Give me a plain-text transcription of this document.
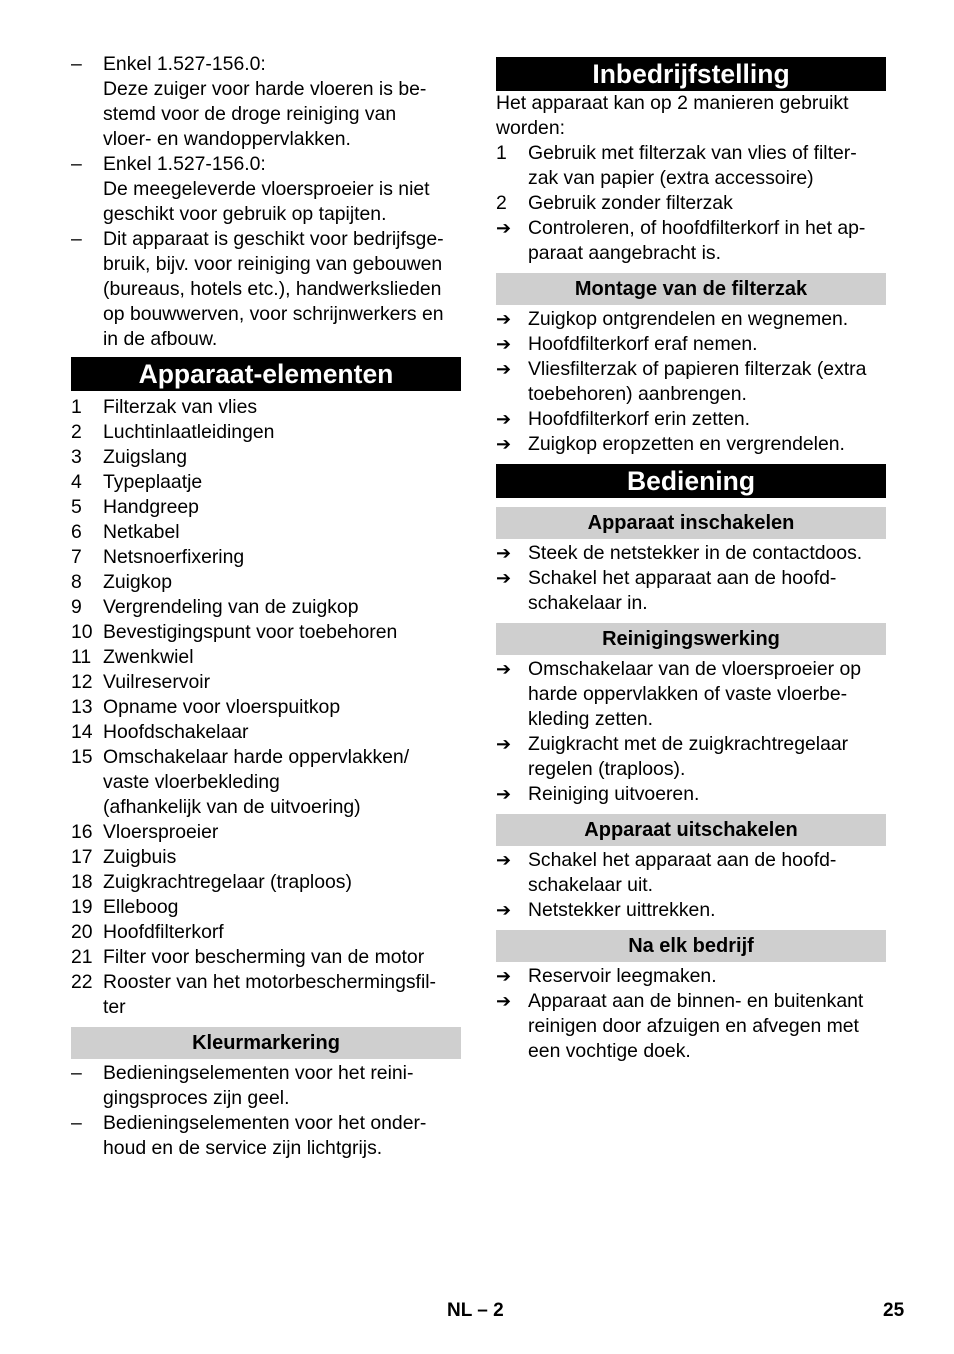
–	Enkel 1.527-156.0:
Deze zuiger voor harde vloeren is be-
stemd voor de droge reiniging van
vloer- en wandoppervlakken.
–	Enkel 1.527-156.0:
De meegeleverde vloersproeier is niet
geschikt voor gebruik op tapijten.
–	Dit apparaat is geschikt voor bedrijfsge-
bruik, bijv. voor reiniging van gebouwen
(bureaus, hotels etc.), handwerkslieden
op bouwwerven, voor schrijnwerkers en
in de afbouw.
Apparaat-elementen
1	Filterzak van vlies
2	Luchtinlaatleidingen
3	Zuigslang
4	Typeplaatje
5	Handgreep
6	Netkabel
7	Netsnoerfixering
8	Zuigkop
9	Vergrendeling van de zuigkop
10 Bevestigingspunt voor toebehoren
11 Zwenkwiel
12 Vuilreservoir
13 Opname voor vloerspuitkop
14 Hoofdschakelaar
15 Omschakelaar harde oppervlakken/
vaste vloerbekleding
(afhankelijk van de uitvoering)
16 Vloersproeier
17 Zuigbuis
18 Zuigkrachtregelaar (traploos)
19 Elleboog
20 Hoofdfilterkorf
21 Filter voor bescherming van de motor
22 Rooster van het motorbeschermingsfil-
ter
Kleurmarkering
–	Bedieningselementen voor het reini-
gingsproces zijn geel.
–	Bedieningselementen voor het onder-
houd en de service zijn lichtgrijs.
Inbedrijfstelling
Het apparaat kan op 2 manieren gebruikt
worden:
1	Gebruik met filterzak van vlies of filter-
zak van papier (extra accessoire)
2	Gebruik zonder filterzak
➔ Controleren, of hoofdfilterkorf in het ap-
paraat aangebracht is.
Montage van de filterzak
➔ Zuigkop ontgrendelen en wegnemen.
➔ Hoofdfilterkorf eraf nemen.
➔ Vliesfilterzak of papieren filterzak (extra
toebehoren) aanbrengen.
➔ Hoofdfilterkorf erin zetten.
➔ Zuigkop eropzetten en vergrendelen.
Bediening
Apparaat inschakelen
➔ Steek de netstekker in de contactdoos.
➔ Schakel het apparaat aan de hoofd-
schakelaar in.
Reinigingswerking
➔ Omschakelaar van de vloersproeier op
harde oppervlakken of vaste vloerbe-
kleding zetten.
➔ Zuigkracht met de zuigkrachtregelaar
regelen (traploos).
➔ Reiniging uitvoeren.
Apparaat uitschakelen
➔ Schakel het apparaat aan de hoofd-
schakelaar uit.
➔ Netstekker uittrekken.
Na elk bedrijf
➔ Reservoir leegmaken.
➔ Apparaat aan de binnen- en buitenkant
reinigen door afzuigen en afvegen met
een vochtige doek.
NL – 2	25
